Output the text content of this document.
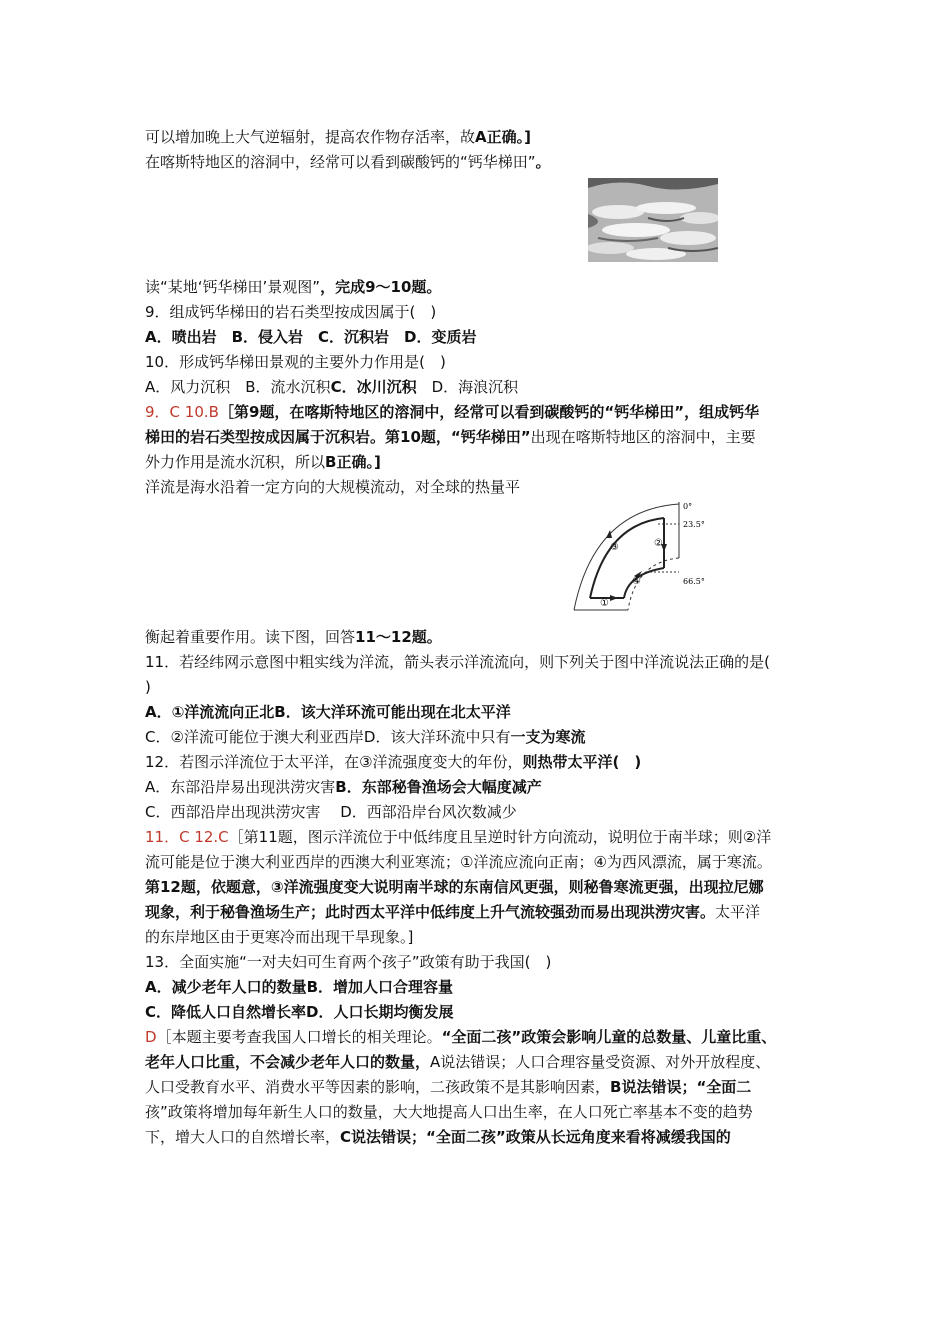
可以增加晚上大气逆辐射，提高农作物存活率，故A正确。]
在喀斯特地区的溶洞中，经常可以看到碳酸钙的“钙华梯田”。
读“某地‘钙华梯田’景观图”，完成9～10题。
9．组成钙华梯田的岩石类型按成因属于(　)
A．喷出岩　B．侵入岩　C．沉积岩　D．变质岩
10．形成钙华梯田景观的主要外力作用是(　)
A．风力沉积　B．流水沉积C．冰川沉积　D．海浪沉积
9．C 10.B［第9题，在喀斯特地区的溶洞中，经常可以看到碳酸钙的“钙华梯田”，组成钙华
梯田的岩石类型按成因属于沉积岩。第10题，“钙华梯田”出现在喀斯特地区的溶洞中，主要
外力作用是流水沉积，所以B正确。]
洋流是海水沿着一定方向的大规模流动，对全球的热量平
衡起着重要作用。读下图，回答11～12题。
11．若经纬网示意图中粗实线为洋流，箭头表示洋流流向，则下列关于图中洋流说法正确的是(
)
A．①洋流流向正北B．该大洋环流可能出现在北太平洋
C．②洋流可能位于澳大利亚西岸D．该大洋环流中只有一支为寒流
12．若图示洋流位于太平洋，在③洋流强度变大的年份，则热带太平洋(　)
A．东部沿岸易出现洪涝灾害B．东部秘鲁渔场会大幅度减产
C．西部沿岸出现洪涝灾害　 D．西部沿岸台风次数减少
11．C 12.C［第11题，图示洋流位于中低纬度且呈逆时针方向流动，说明位于南半球；则②洋
流可能是位于澳大利亚西岸的西澳大利亚寒流；①洋流应流向正南；④为西风漂流，属于寒流。
第12题，依题意，③洋流强度变大说明南半球的东南信风更强，则秘鲁寒流更强，出现拉尼娜
现象，利于秘鲁渔场生产；此时西太平洋中低纬度上升气流较强劲而易出现洪涝灾害。太平洋
的东岸地区由于更寒冷而出现干旱现象。]
13．全面实施“一对夫妇可生育两个孩子”政策有助于我国(　)
A．减少老年人口的数量B．增加人口合理容量
C．降低人口自然增长率D．人口长期均衡发展
D［本题主要考查我国人口增长的相关理论。“全面二孩”政策会影响儿童的总数量、儿童比重、
老年人口比重，不会减少老年人口的数量，A说法错误；人口合理容量受资源、对外开放程度、
人口受教育水平、消费水平等因素的影响，二孩政策不是其影响因素，B说法错误；“全面二
孩”政策将增加每年新生人口的数量，大大地提高人口出生率，在人口死亡率基本不变的趋势
下，增大人口的自然增长率，C说法错误；“全面二孩”政策从长远角度来看将减缓我国的
0°
23.5°
66.5°
①
②
③
④
